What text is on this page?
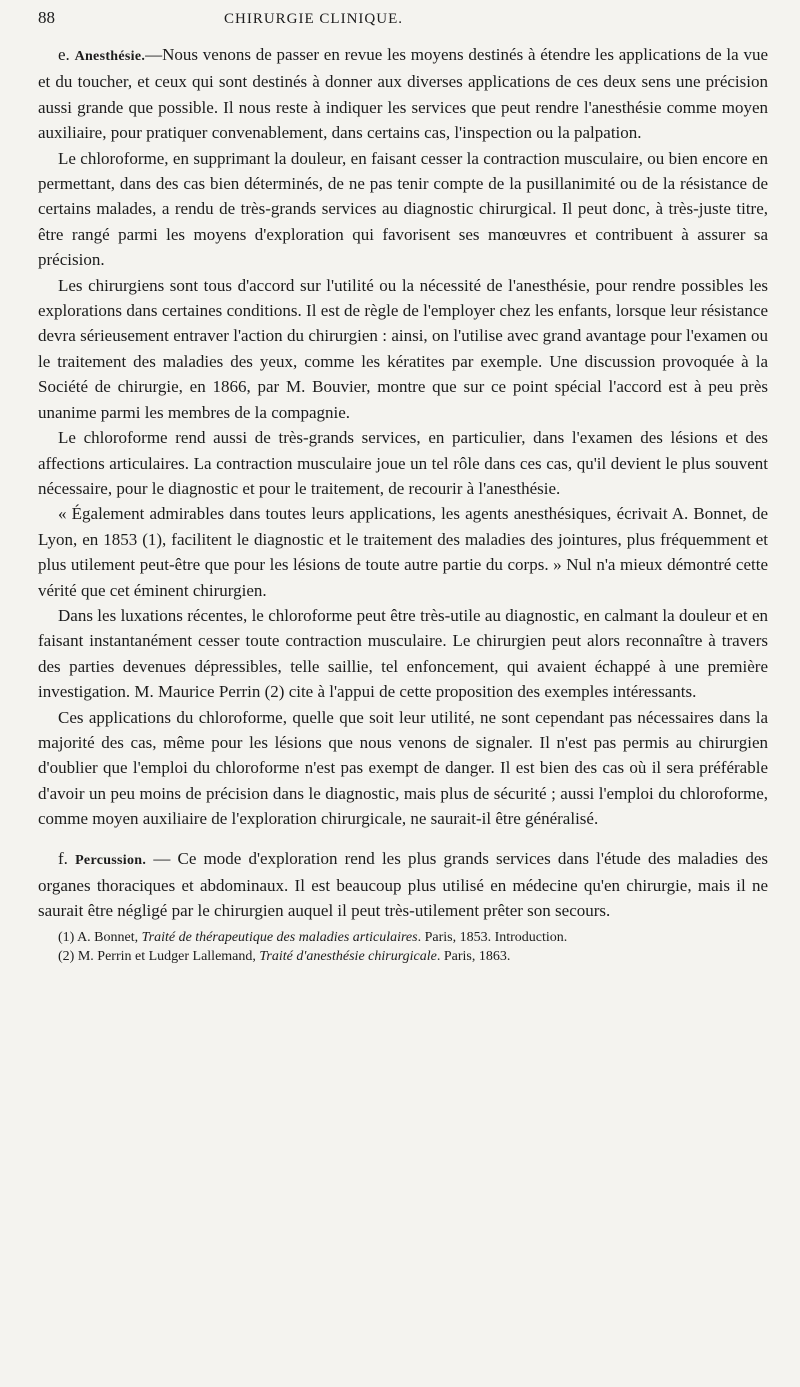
88	CHIRURGIE CLINIQUE.

e. Anesthésie.—Nous venons de passer en revue les moyens destinés à étendre les applications de la vue et du toucher, et ceux qui sont destinés à donner aux diverses applications de ces deux sens une précision aussi grande que possible. Il nous reste à indiquer les services que peut rendre l'anesthésie comme moyen auxiliaire, pour pratiquer convenablement, dans certains cas, l'inspection ou la palpation.

Le chloroforme, en supprimant la douleur, en faisant cesser la contraction musculaire, ou bien encore en permettant, dans des cas bien déterminés, de ne pas tenir compte de la pusillanimité ou de la résistance de certains malades, a rendu de très-grands services au diagnostic chirurgical. Il peut donc, à très-juste titre, être rangé parmi les moyens d'exploration qui favorisent ses manœuvres et contribuent à assurer sa précision.

Les chirurgiens sont tous d'accord sur l'utilité ou la nécessité de l'anesthésie, pour rendre possibles les explorations dans certaines conditions. Il est de règle de l'employer chez les enfants, lorsque leur résistance devra sérieusement entraver l'action du chirurgien : ainsi, on l'utilise avec grand avantage pour l'examen ou le traitement des maladies des yeux, comme les kératites par exemple. Une discussion provoquée à la Société de chirurgie, en 1866, par M. Bouvier, montre que sur ce point spécial l'accord est à peu près unanime parmi les membres de la compagnie.

Le chloroforme rend aussi de très-grands services, en particulier, dans l'examen des lésions et des affections articulaires. La contraction musculaire joue un tel rôle dans ces cas, qu'il devient le plus souvent nécessaire, pour le diagnostic et pour le traitement, de recourir à l'anesthésie.

« Également admirables dans toutes leurs applications, les agents anesthésiques, écrivait A. Bonnet, de Lyon, en 1853 (1), facilitent le diagnostic et le traitement des maladies des jointures, plus fréquemment et plus utilement peut-être que pour les lésions de toute autre partie du corps. » Nul n'a mieux démontré cette vérité que cet éminent chirurgien.

Dans les luxations récentes, le chloroforme peut être très-utile au diagnostic, en calmant la douleur et en faisant instantanément cesser toute contraction musculaire. Le chirurgien peut alors reconnaître à travers des parties devenues dépressibles, telle saillie, tel enfoncement, qui avaient échappé à une première investigation. M. Maurice Perrin (2) cite à l'appui de cette proposition des exemples intéressants.

Ces applications du chloroforme, quelle que soit leur utilité, ne sont cependant pas nécessaires dans la majorité des cas, même pour les lésions que nous venons de signaler. Il n'est pas permis au chirurgien d'oublier que l'emploi du chloroforme n'est pas exempt de danger. Il est bien des cas où il sera préférable d'avoir un peu moins de précision dans le diagnostic, mais plus de sécurité ; aussi l'emploi du chloroforme, comme moyen auxiliaire de l'exploration chirurgicale, ne saurait-il être généralisé.

f. Percussion. — Ce mode d'exploration rend les plus grands services dans l'étude des maladies des organes thoraciques et abdominaux. Il est beaucoup plus utilisé en médecine qu'en chirurgie, mais il ne saurait être négligé par le chirurgien auquel il peut très-utilement prêter son secours.

(1) A. Bonnet, Traité de thérapeutique des maladies articulaires. Paris, 1853. Introduction.

(2) M. Perrin et Ludger Lallemand, Traité d'anesthésie chirurgicale. Paris, 1863.
